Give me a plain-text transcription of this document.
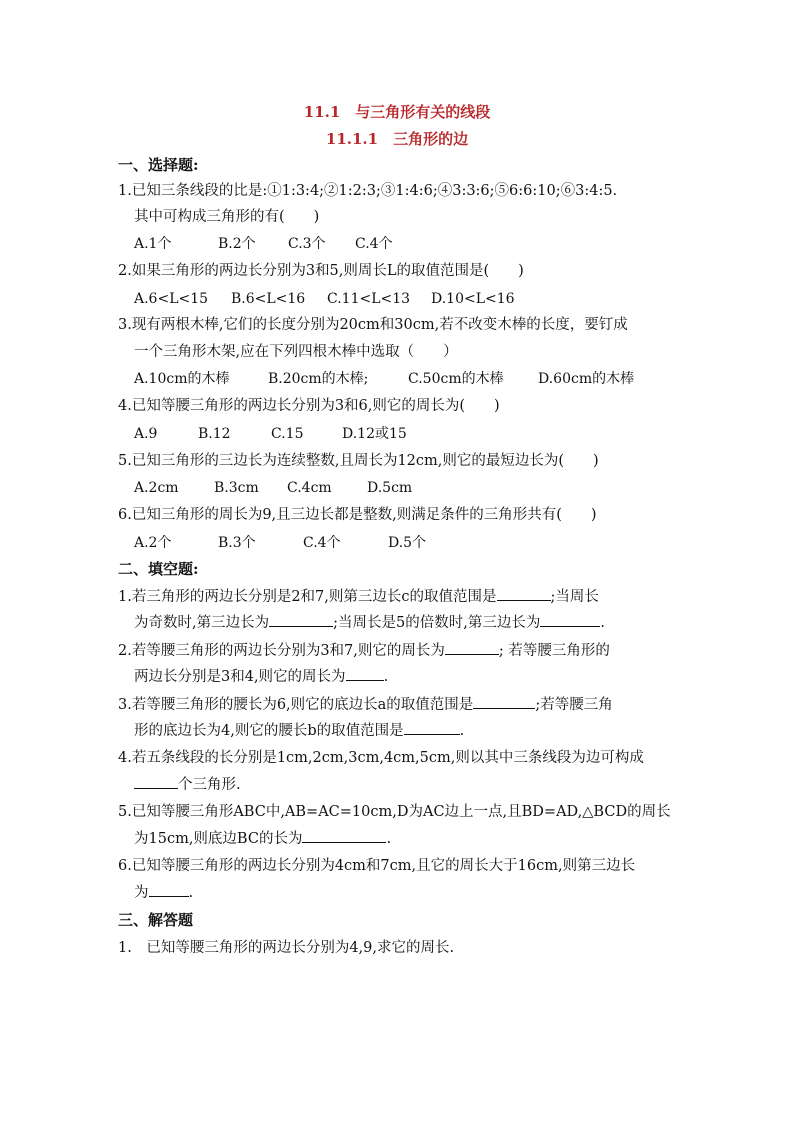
11.1　与三角形有关的线段
11.1.1　三角形的边
一、选择题:
1.已知三条线段的比是:①1:3:4;②1:2:3;③1:4:6;④3:3:6;⑤6:6:10;⑥3:4:5.
其中可构成三角形的有(　　)
A.1个	B.2个 C.3个 C.4个
2.如果三角形的两边长分别为3和5,则周长L的取值范围是(　　)
A.6<L<15 B.6<L<16 C.11<L<13 D.10<L<16
3.现有两根木棒,它们的长度分别为20cm和30cm,若不改变木棒的长度，要钉成
一个三角形木架,应在下列四根木棒中选取（　　）
A.10cm的木棒	B.20cm的木棒;	C.50cm的木棒 D.60cm的木棒
4.已知等腰三角形的两边长分别为3和6,则它的周长为(　　)
A.9	B.12	C.15	D.12或15
5.已知三角形的三边长为连续整数,且周长为12cm,则它的最短边长为(　　)
A.2cm	B.3cm C.4cm	D.5cm
6.已知三角形的周长为9,且三边长都是整数,则满足条件的三角形共有(　　)
A.2个	B.3个	C.4个	D.5个
二、填空题:
1.若三角形的两边长分别是2和7,则第三边长c的取值范围是	;当周长
为奇数时,第三边长为	;当周长是5的倍数时,第三边长为	.
2.若等腰三角形的两边长分别为3和7,则它的周长为	; 若等腰三角形的
两边长分别是3和4,则它的周长为	.
3.若等腰三角形的腰长为6,则它的底边长a的取值范围是	;若等腰三角
形的底边长为4,则它的腰长b的取值范围是	.
4.若五条线段的长分别是1cm,2cm,3cm,4cm,5cm,则以其中三条线段为边可构成
个三角形.
5.已知等腰三角形ABC中,AB=AC=10cm,D为AC边上一点,且BD=AD,△BCD的周长
为15cm,则底边BC的长为	.
6.已知等腰三角形的两边长分别为4cm和7cm,且它的周长大于16cm,则第三边长
为	.
三、解答题
1.　已知等腰三角形的两边长分别为4,9,求它的周长.
